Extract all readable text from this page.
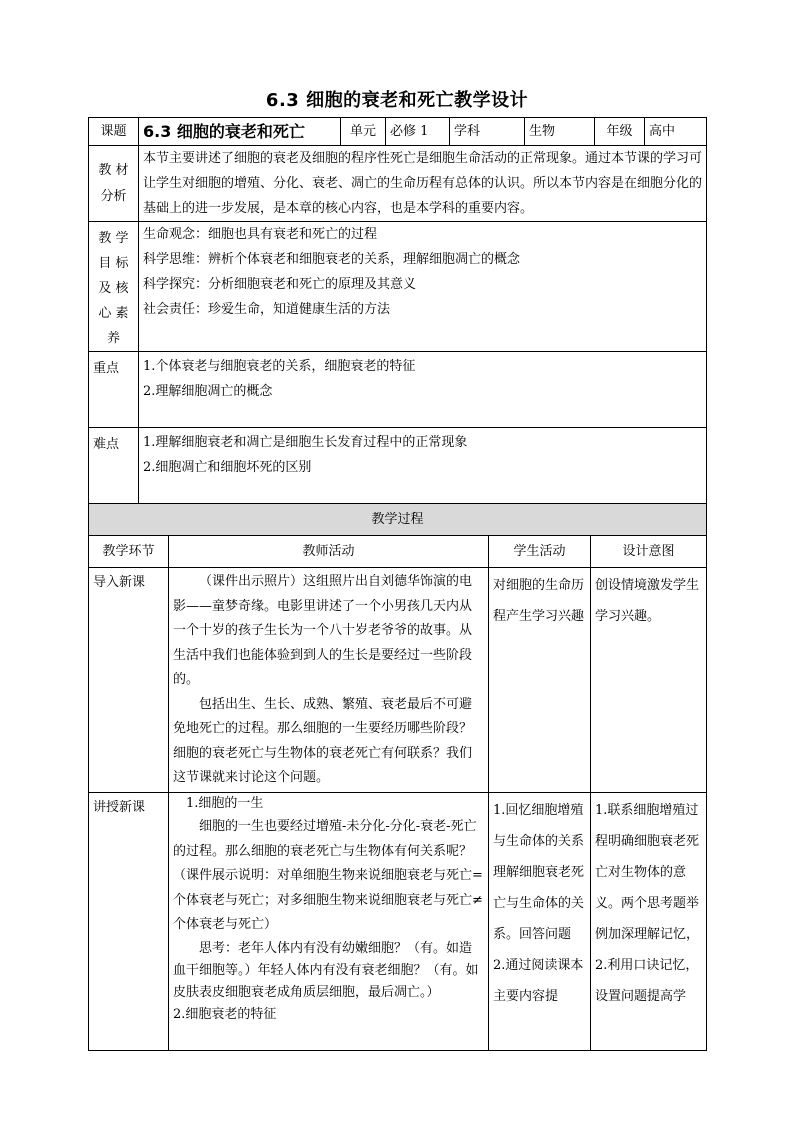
6.3 细胞的衰老和死亡教学设计
课题	6.3 细胞的衰老和死亡	单元	必修 1	学科	生物	年级	高中
教 材 分析	本节主要讲述了细胞的衰老及细胞的程序性死亡是细胞生命活动的正常现象。通过本节课的学习可让学生对细胞的增殖、分化、衰老、凋亡的生命历程有总体的认识。所以本节内容是在细胞分化的基础上的进一步发展，是本章的核心内容，也是本学科的重要内容。						
教 学 目 标 及 核 心 素 养	生命观念：细胞也具有衰老和死亡的过程

科学思维：辨析个体衰老和细胞衰老的关系，理解细胞凋亡的概念

科学探究：分析细胞衰老和死亡的原理及其意义

社会责任：珍爱生命，知道健康生活的方法						

重点	1.个体衰老与细胞衰老的关系，细胞衰老的特征

2.理解细胞凋亡的概念						

难点	1.理解细胞衰老和凋亡是细胞生长发育过程中的正常现象

2.细胞凋亡和细胞坏死的区别						

教学过程			
教学环节	教师活动	学生活动	设计意图
导入新课	（课件出示照片）这组照片出自刘德华饰演的电影——童梦奇缘。电影里讲述了一个小男孩几天内从一个十岁的孩子生长为一个八十岁老爷爷的故事。从生活中我们也能体验到到人的生长是要经过一些阶段的。

包括出生、生长、成熟、繁殖、衰老最后不可避免地死亡的过程。那么细胞的一生要经历哪些阶段？细胞的衰老死亡与生物体的衰老死亡有何联系？我们这节课就来讨论这个问题。	对细胞的生命历程产生学习兴趣	创设情境激发学生学习兴趣。
讲授新课	1.细胞的一生

细胞的一生也要经过增殖-未分化-分化-衰老-死亡的过程。那么细胞的衰老死亡与生物体有何关系呢？（课件展示说明：对单细胞生物来说细胞衰老与死亡=个体衰老与死亡；对多细胞生物来说细胞衰老与死亡≠个体衰老与死亡）

思考：老年人体内有没有幼嫩细胞？（有。如造血干细胞等。）年轻人体内有没有衰老细胞？（有。如皮肤表皮细胞衰老成角质层细胞，最后凋亡。）

2.细胞衰老的特征	1.回忆细胞增殖与生命体的关系理解细胞衰老死亡与生命体的关系。回答问题 2.通过阅读课本主要内容提	1.联系细胞增殖过程明确细胞衰老死亡对生物体的意义。两个思考题举例加深理解记忆，2.利用口诀记忆，设置问题提高学
